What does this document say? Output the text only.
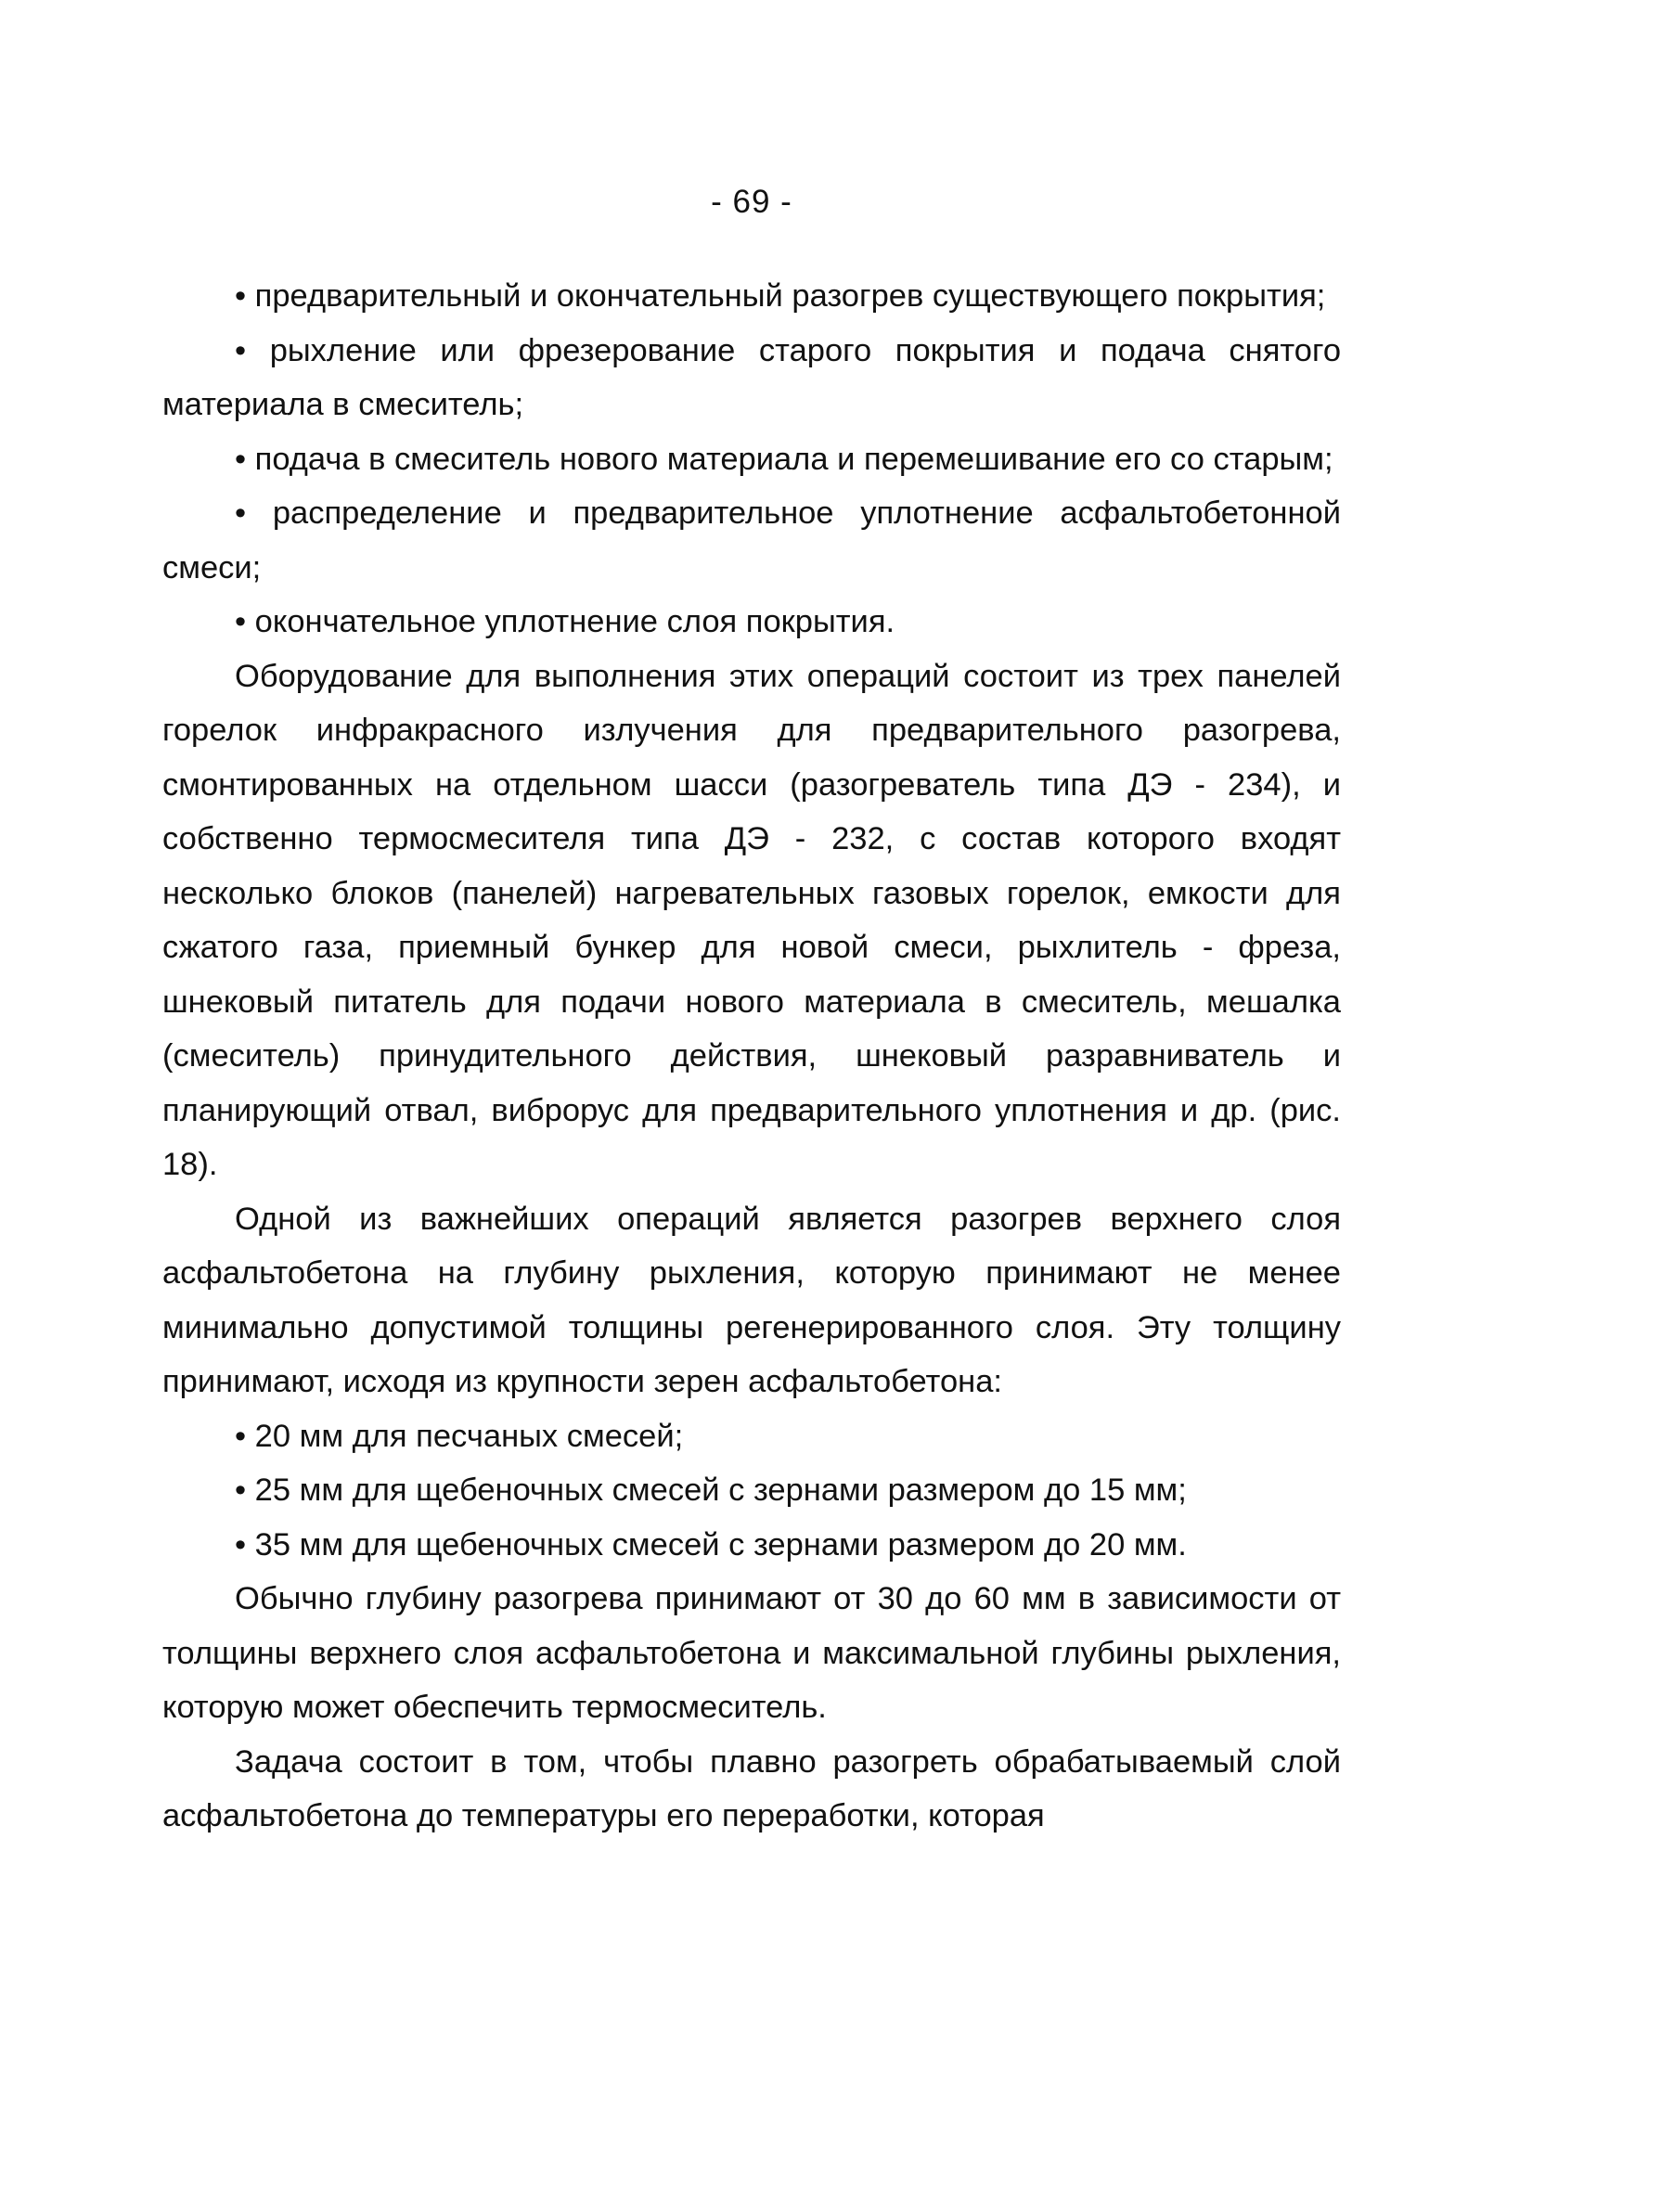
- 69 -

• предварительный и окончательный разогрев существующего покрытия;

• рыхление или фрезерование старого покрытия и подача снятого материала в смеситель;

• подача в смеситель нового материала и перемешивание его со старым;

• распределение и предварительное уплотнение асфальтобетонной смеси;

• окончательное уплотнение слоя покрытия.

Оборудование для выполнения этих операций состоит из трех панелей горелок инфракрасного излучения для предварительного разогрева, смонтированных на отдельном шасси (разогреватель типа ДЭ - 234), и собственно термосмесителя типа ДЭ - 232, с состав которого входят несколько блоков (панелей) нагревательных газовых горелок, емкости для сжатого газа, приемный бункер для новой смеси, рыхлитель - фреза, шнековый питатель для подачи нового материала в смеситель, мешалка (смеситель) принудительного действия, шнековый разравниватель и планирующий отвал, виброрус для предварительного уплотнения и др. (рис. 18).

Одной из важнейших операций является разогрев верхнего слоя асфальтобетона на глубину рыхления, которую принимают не менее минимально допустимой толщины регенерированного слоя. Эту толщину принимают, исходя из крупности зерен асфальтобетона:

• 20 мм для песчаных смесей;

• 25 мм для щебеночных смесей с зернами размером до 15 мм;

• 35 мм для щебеночных смесей с зернами размером до 20 мм.

Обычно глубину разогрева принимают от 30 до 60 мм в зависимости от толщины верхнего слоя асфальтобетона и максимальной глубины рыхления, которую может обеспечить термосмеситель.

Задача состоит в том, чтобы плавно разогреть обрабатываемый слой асфальтобетона до температуры его переработки, которая
